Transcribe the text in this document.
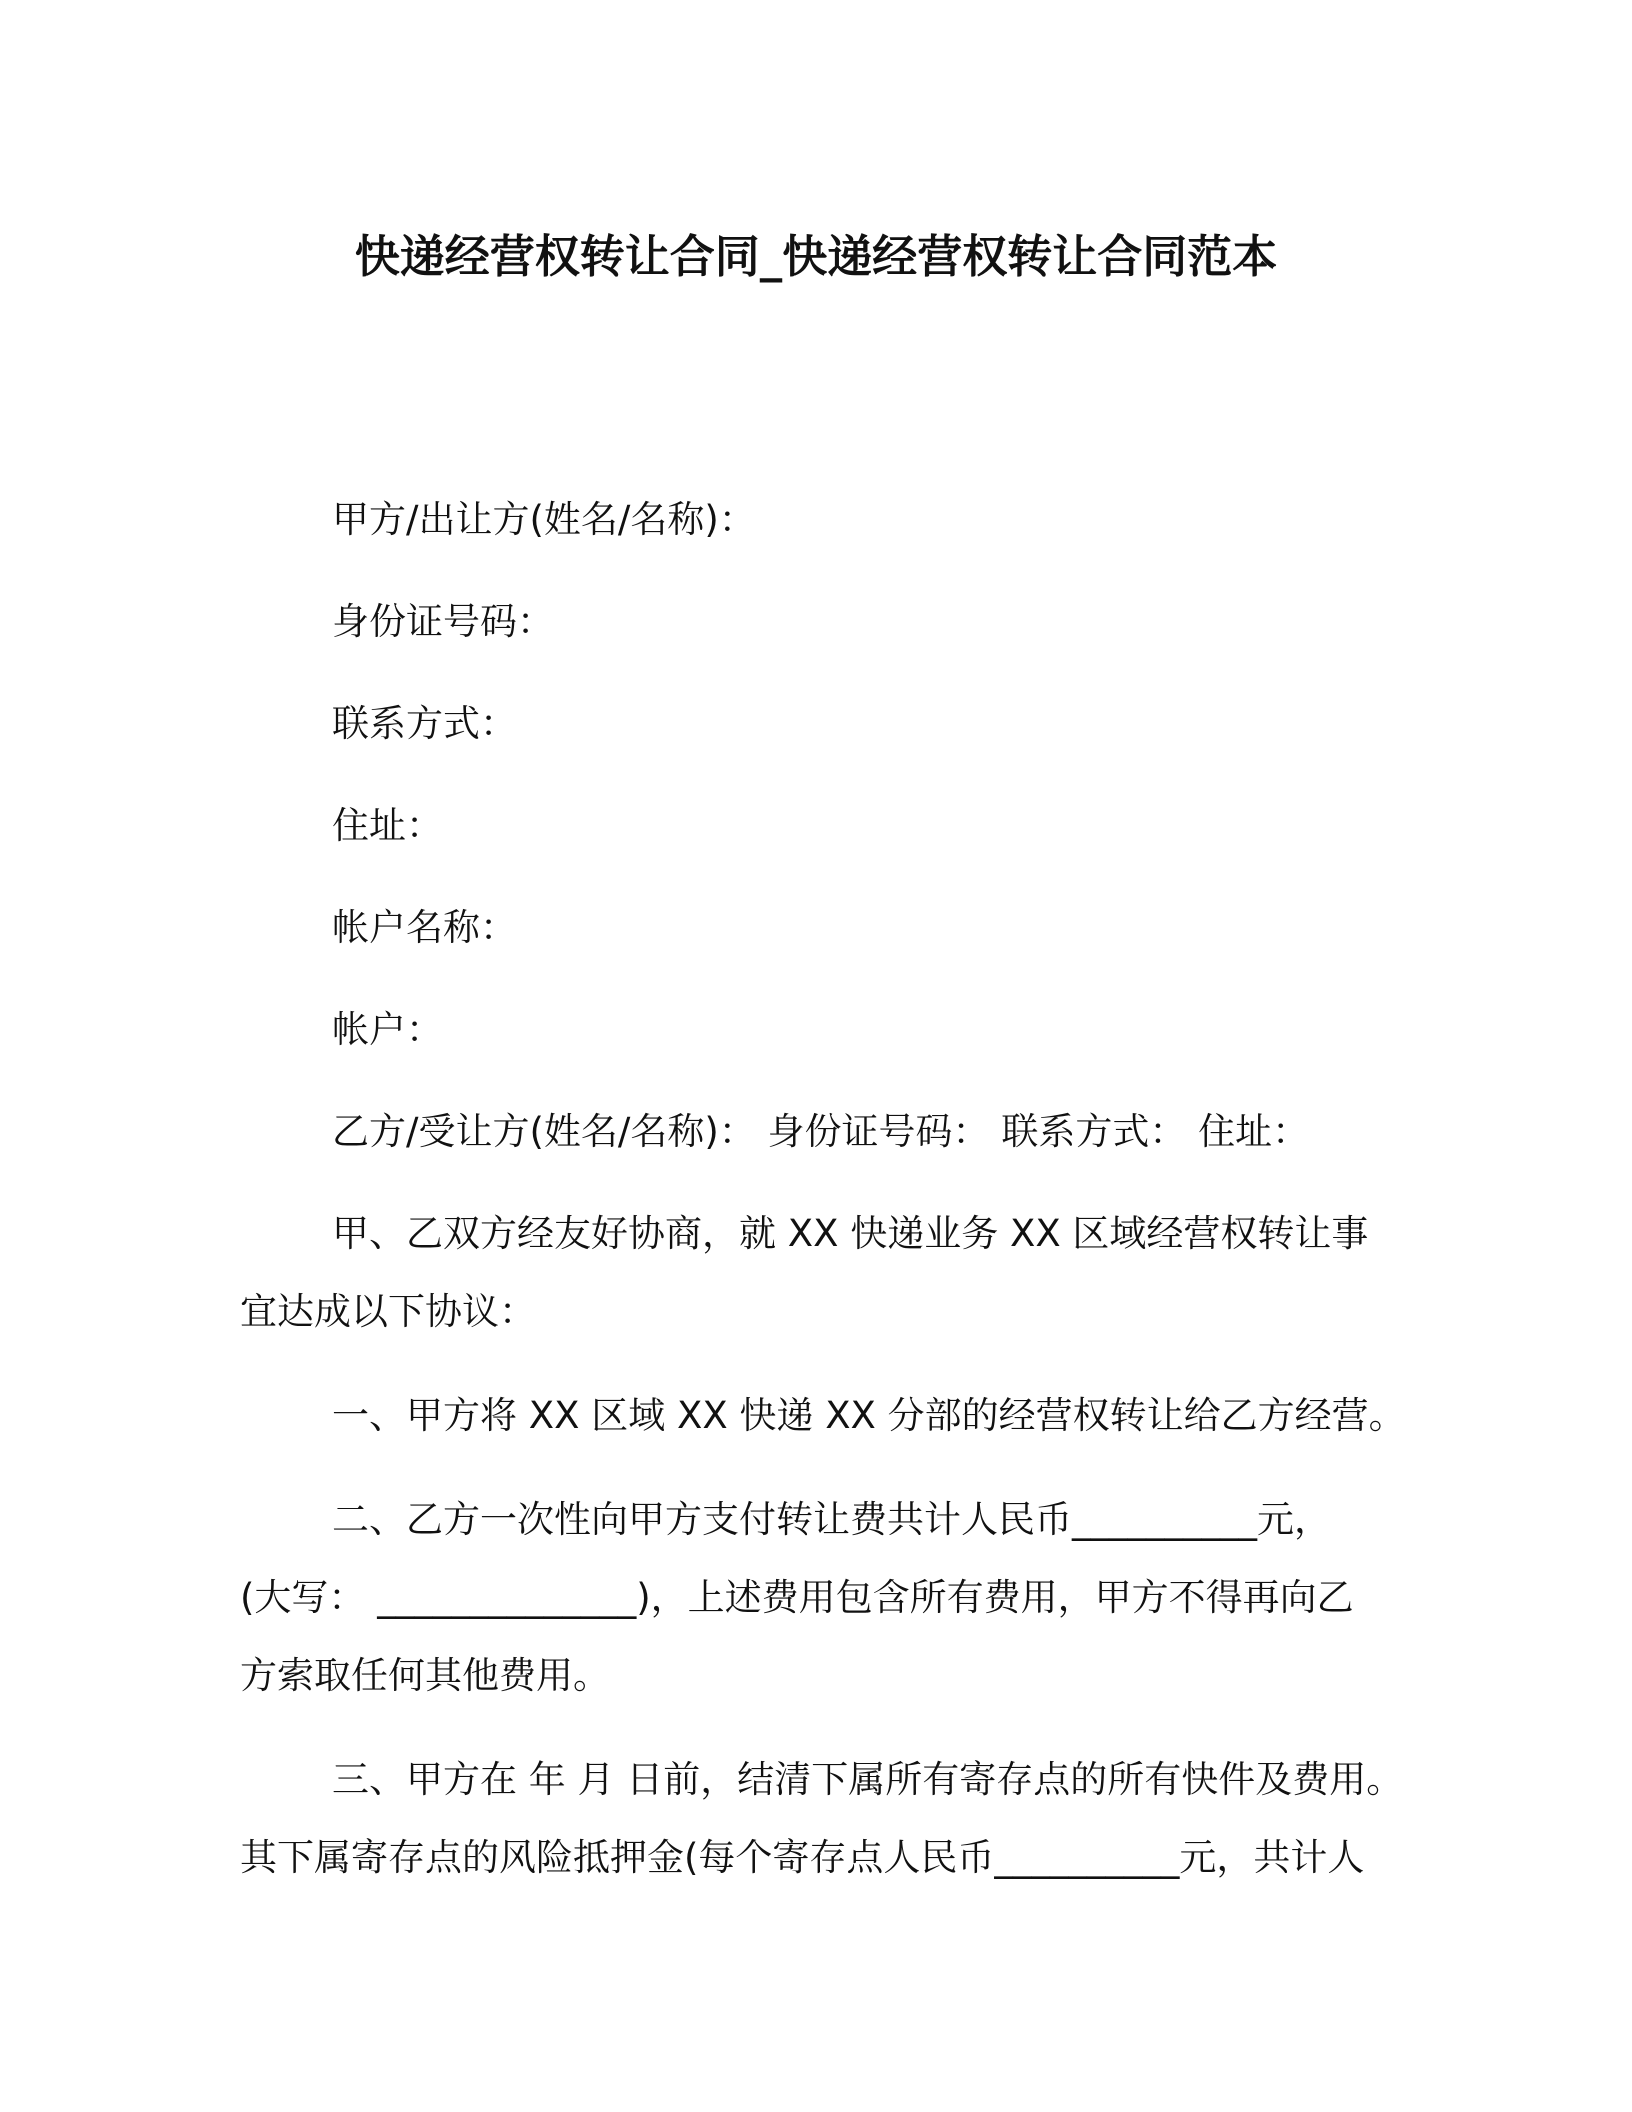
快递经营权转让合同_快递经营权转让合同范本
甲方/出让方(姓名/名称)：
身份证号码：
联系方式：
住址：
帐户名称：
帐户：
乙方/受让方(姓名/名称)： 身份证号码： 联系方式： 住址：
甲、乙双方经友好协商，就 XX 快递业务 XX 区域经营权转让事
宜达成以下协议：
一、甲方将 XX 区域 XX 快递 XX 分部的经营权转让给乙方经营。
二、乙方一次性向甲方支付转让费共计人民币__________元，
(大写： ______________)，上述费用包含所有费用，甲方不得再向乙
方索取任何其他费用。
三、甲方在 年 月 日前，结清下属所有寄存点的所有快件及费用。
其下属寄存点的风险抵押金(每个寄存点人民币__________元，共计人
